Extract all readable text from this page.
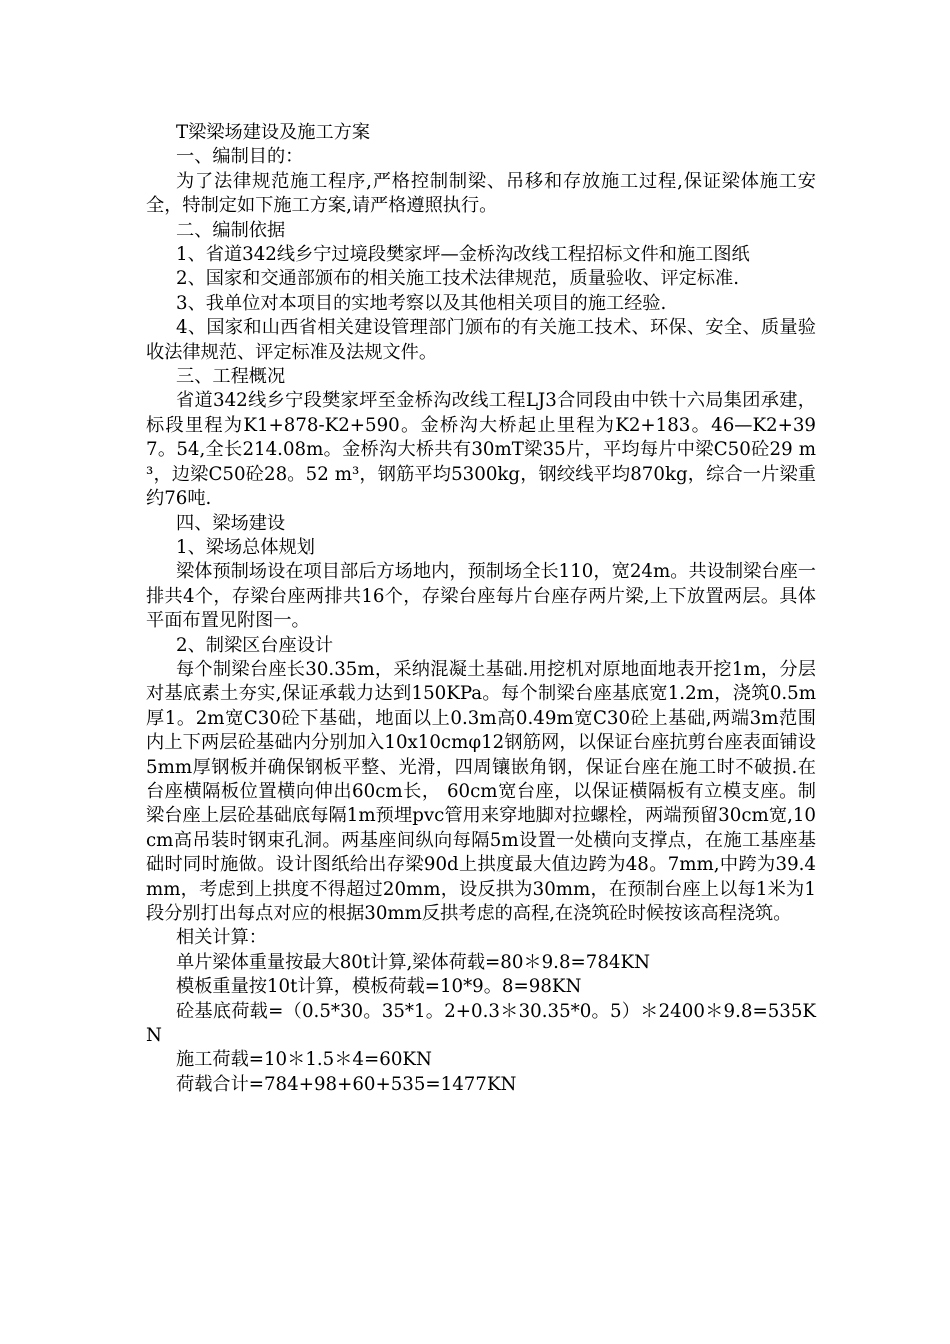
T梁梁场建设及施工方案

一、编制目的：

为了法律规范施工程序,严格控制制梁、吊移和存放施工过程,保证梁体施工安全，特制定如下施工方案,请严格遵照执行。

二、编制依据

1、省道342线乡宁过境段樊家坪—金桥沟改线工程招标文件和施工图纸

2、国家和交通部颁布的相关施工技术法律规范，质量验收、评定标准.

3、我单位对本项目的实地考察以及其他相关项目的施工经验.

4、国家和山西省相关建设管理部门颁布的有关施工技术、环保、安全、质量验收法律规范、评定标准及法规文件。

三、工程概况

省道342线乡宁段樊家坪至金桥沟改线工程LJ3合同段由中铁十六局集团承建，标段里程为K1+878-K2+590。金桥沟大桥起止里程为K2+183。46—K2+397。54,全长214.08m。金桥沟大桥共有30mT梁35片，平均每片中梁C50砼29 m³，边梁C50砼28。52 m³，钢筋平均5300kg，钢绞线平均870kg，综合一片梁重约76吨.

四、梁场建设

1、梁场总体规划

梁体预制场设在项目部后方场地内，预制场全长110，宽24m。共设制梁台座一排共4个，存梁台座两排共16个，存梁台座每片台座存两片梁,上下放置两层。具体平面布置见附图一。

2、制梁区台座设计

每个制梁台座长30.35m，采纳混凝土基础.用挖机对原地面地表开挖1m，分层对基底素土夯实,保证承载力达到150KPa。每个制梁台座基底宽1.2m，浇筑0.5m厚1。2m宽C30砼下基础，地面以上0.3m高0.49m宽C30砼上基础,两端3m范围内上下两层砼基础内分别加入10x10cmφ12钢筋网，以保证台座抗剪台座表面铺设5mm厚钢板并确保钢板平整、光滑，四周镶嵌角钢，保证台座在施工时不破损.在台座横隔板位置横向伸出60cm长， 60cm宽台座，以保证横隔板有立模支座。制梁台座上层砼基础底每隔1m预埋pvc管用来穿地脚对拉螺栓，两端预留30cm宽,10cm高吊装时钢束孔洞。两基座间纵向每隔5m设置一处横向支撑点，在施工基座基础时同时施做。设计图纸给出存梁90d上拱度最大值边跨为48。7mm,中跨为39.4mm，考虑到上拱度不得超过20mm，设反拱为30mm，在预制台座上以每1米为1段分别打出每点对应的根据30mm反拱考虑的高程,在浇筑砼时候按该高程浇筑。

相关计算：

单片梁体重量按最大80t计算,梁体荷载=80＊9.8=784KN

模板重量按10t计算，模板荷载=10*9。8=98KN

砼基底荷载=（0.5*30。35*1。2+0.3＊30.35*0。5）＊2400＊9.8=535KN

施工荷载=10＊1.5＊4=60KN

荷载合计=784+98+60+535=1477KN
